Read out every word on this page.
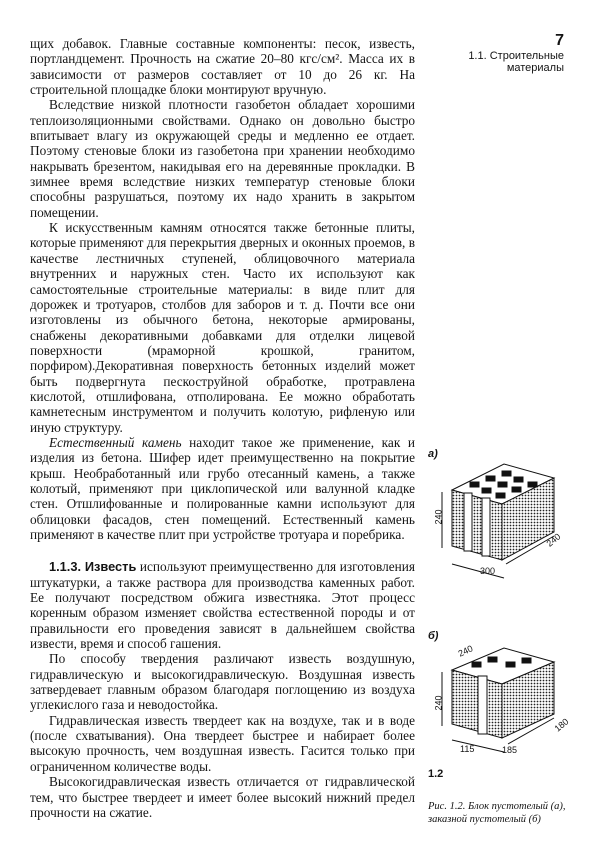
7
1.1. Строительные
материалы

щих добавок. Главные составные компоненты: песок, известь, портландцемент. Прочность на сжатие 20–80 кгс/см². Масса их в зависимости от размеров составляет от 10 до 26 кг. На строительной площадке блоки монтируют вручную.

Вследствие низкой плотности газобетон обладает хорошими теплоизоляционными свойствами. Однако он довольно быстро впитывает влагу из окружающей среды и медленно ее отдает. Поэтому стеновые блоки из газобетона при хранении необходимо накрывать брезентом, накидывая его на деревянные прокладки. В зимнее время вследствие низких температур стеновые блоки способны разрушаться, поэтому их надо хранить в закрытом помещении.

К искусственным камням относятся также бетонные плиты, которые применяют для перекрытия дверных и оконных проемов, в качестве лестничных ступеней, облицовочного материала внутренних и наружных стен. Часто их используют как самостоятельные строительные материалы: в виде плит для дорожек и тротуаров, столбов для заборов и т. д. Почти все они изготовлены из обычного бетона, некоторые армированы, снабжены декоративными добавками для отделки лицевой поверхности (мраморной крошкой, гранитом, порфиром).Декоративная поверхность бетонных изделий может быть подвергнута пескоструйной обработке, протравлена кислотой, отшлифована, отполирована. Ее можно обработать камнетесным инструментом и получить колотую, рифленую или иную структуру.

Естественный камень находит такое же применение, как и изделия из бетона. Шифер идет преимущественно на покрытие крыш. Необработанный или грубо отесанный камень, а также колотый, применяют при циклопической или валунной кладке стен. Отшлифованные и полированные камни используют для облицовки фасадов, стен помещений. Естественный камень применяют в качестве плит при устройстве тротуара и поребрика.

1.1.3. Известь используют преимущественно для изготовления штукатурки, а также раствора для производства каменных работ. Ее получают посредством обжига известняка. Этот процесс коренным образом изменяет свойства естественной породы и от правильности его проведения зависят в дальнейшем свойства извести, время и способ гашения.

По способу твердения различают известь воздушную, гидравлическую и высокогидравлическую. Воздушная известь затвердевает главным образом благодаря поглощению из воздуха углекислого газа и неводостойка.

Гидравлическая известь твердеет как на воздухе, так и в воде (после схватывания). Она твердеет быстрее и набирает более высокую прочность, чем воздушная известь. Гасится только при ограниченном количестве воды.

Высокогидравлическая известь отличается от гидравлической тем, что быстрее твердеет и имеет более высокий нижний предел прочности на сжатие.

а)
240
300
240
б)
240
240
115	185
180
1.2
Рис. 1.2. Блок пустотелый (а), заказной пустотелый (б)
